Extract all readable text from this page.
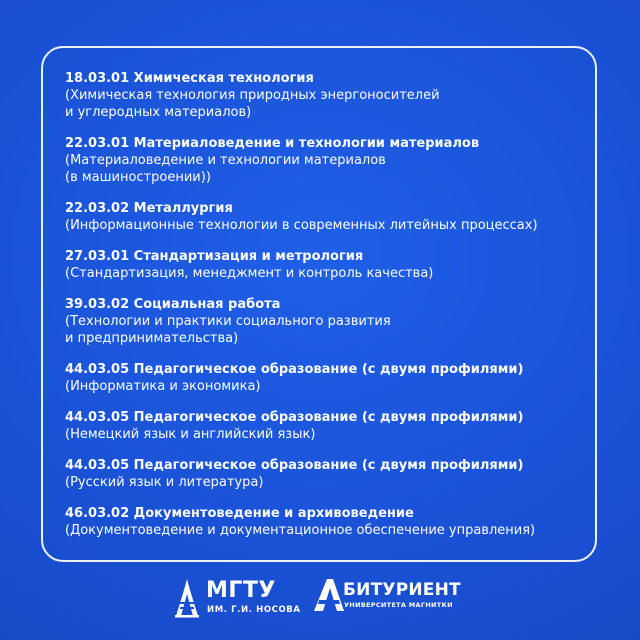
18.03.01 Химическая технология
(Химическая технология природных энергоносителей
и углеродных материалов)
22.03.01 Материаловедение и технологии материалов
(Материаловедение и технологии материалов
(в машиностроении))
22.03.02 Металлургия
(Информационные технологии в современных литейных процессах)
27.03.01 Стандартизация и метрология
(Стандартизация, менеджмент и контроль качества)
39.03.02 Социальная работа
(Технологии и практики социального развития
и предпринимательства)
44.03.05 Педагогическое образование (с двумя профилями)
(Информатика и экономика)
44.03.05 Педагогическое образование (с двумя профилями)
(Немецкий язык и английский язык)
44.03.05 Педагогическое образование (с двумя профилями)
(Русский язык и литература)
46.03.02 Документоведение и архивоведение
(Документоведение и документационное обеспечение управления)
МГТУ
ИМ. Г.И. НОСОВА
БИТУРИЕНТ
УНИВЕРСИТЕТА МАГНИТКИ
